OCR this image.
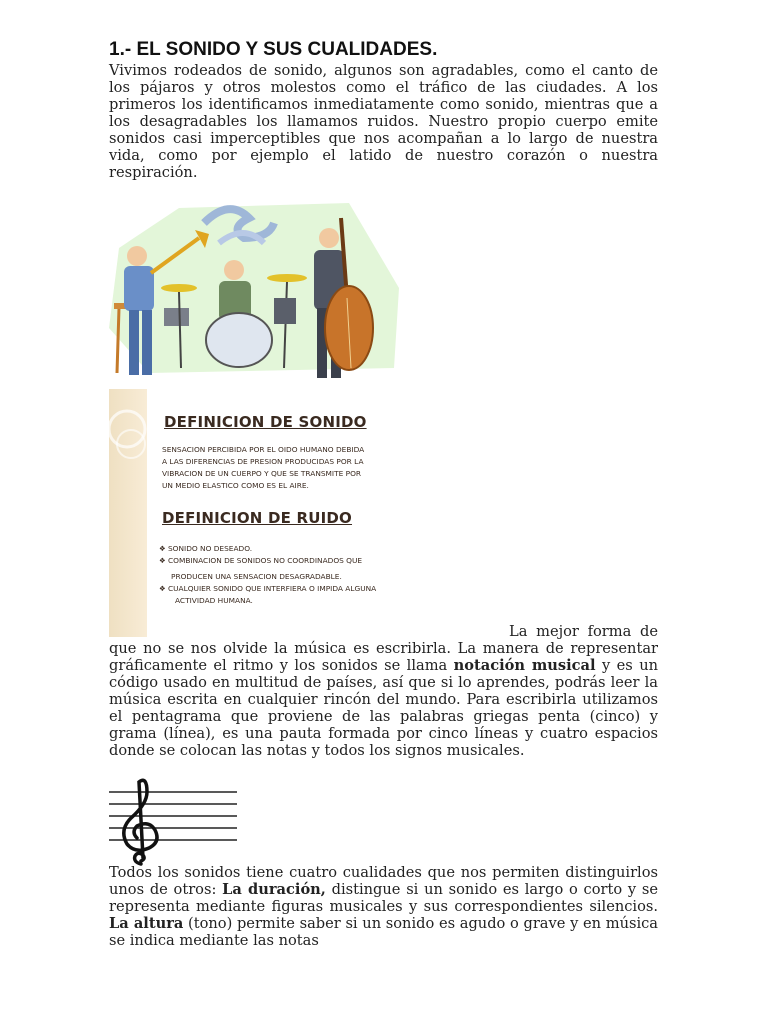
1.- EL SONIDO Y SUS CUALIDADES.

Vivimos rodeados de sonido, algunos son agradables, como el canto de los pájaros y otros molestos como el tráfico de las ciudades. A los primeros los identificamos inmediatamente como sonido, mientras que a los desagradables los llamamos ruidos. Nuestro propio cuerpo emite sonidos casi imperceptibles que nos acompañan a lo largo de nuestra vida, como por ejemplo el latido de nuestro corazón o nuestra respiración.

DEFINICION DE SONIDO
SENSACION PERCIBIDA POR EL OIDO HUMANO DEBIDA
A LAS DIFERENCIAS DE PRESION PRODUCIDAS POR LA
VIBRACION DE UN CUERPO Y QUE SE TRANSMITE POR
UN MEDIO ELASTICO COMO ES EL AIRE.
DEFINICION DE RUIDO
❖ SONIDO NO DESEADO.
❖ COMBINACION DE SONIDOS NO COORDINADOS QUE
PRODUCEN UNA SENSACION DESAGRADABLE.
❖ CUALQUIER SONIDO QUE INTERFIERA O IMPIDA ALGUNA
ACTIVIDAD HUMANA.

La mejor forma de que no se nos olvide la música es escribirla. La manera de representar gráficamente el ritmo y los sonidos se llama notación musical y es un código usado en multitud de países, así que si lo aprendes, podrás leer la música escrita en cualquier rincón del mundo. Para escribirla utilizamos el pentagrama que proviene de las palabras griegas penta (cinco) y grama (línea), es una pauta formada por cinco líneas y cuatro espacios donde se colocan las notas y todos los signos musicales.

Todos los sonidos tiene cuatro cualidades que nos permiten distinguirlos unos de otros: La duración, distingue si un sonido es largo o corto y se representa mediante figuras musicales y sus correspondientes silencios. La altura (tono) permite saber si un sonido es agudo o grave y en música se indica mediante las notas
